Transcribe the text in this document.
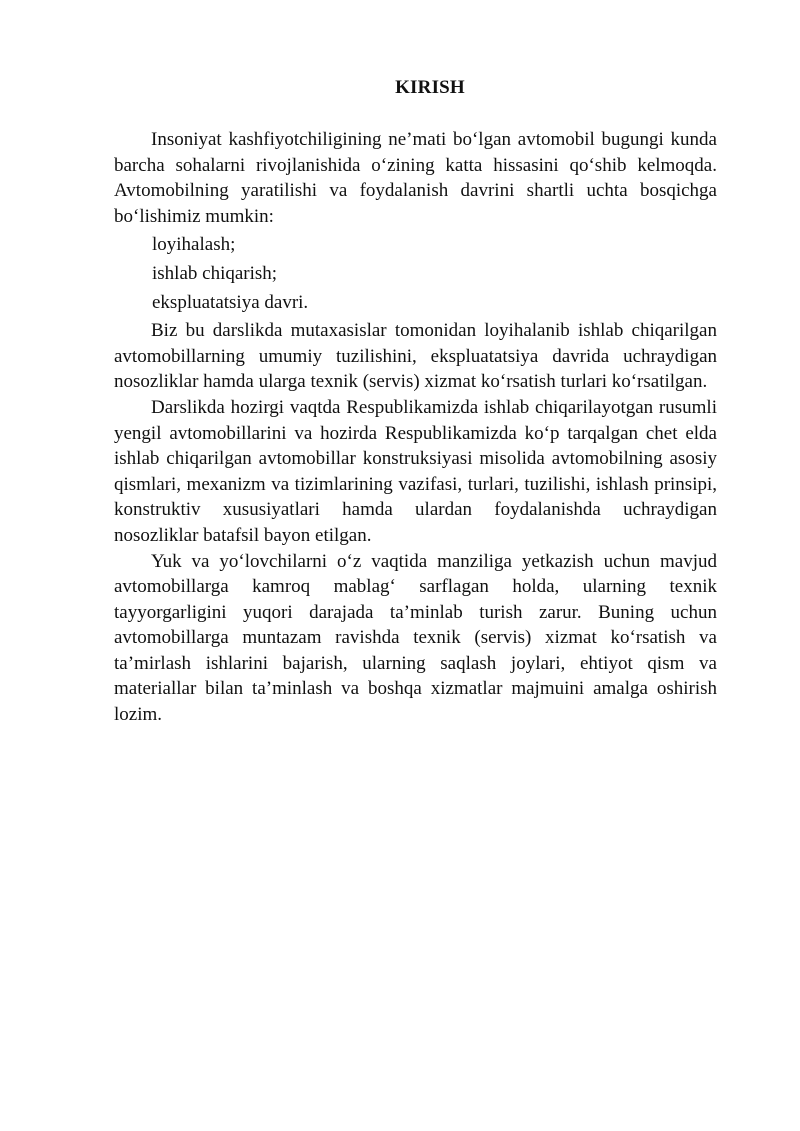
KIRISH

Insoniyat kashfiyotchiligining ne’mati bo‘lgan avtomobil bugungi kunda barcha sohalarni rivojlanishida o‘zining katta hissasini qo‘shib kelmoqda. Avtomobilning yaratilishi va foydalanish davrini shartli uchta bosqichga bo‘lishimiz mumkin:

loyihalash;
ishlab chiqarish;
ekspluatatsiya davri.

Biz bu darslikda mutaxasislar tomonidan loyihalanib ishlab chiqarilgan avtomobillarning umumiy tuzilishini, ekspluatatsiya davrida uchraydigan nosozliklar hamda ularga texnik (servis) xizmat ko‘rsatish turlari ko‘rsatilgan.

Darslikda hozirgi vaqtda Respublikamizda ishlab chiqarilayotgan rusumli yengil avtomobillarini va hozirda Respublikamizda ko‘p tarqalgan chet elda ishlab chiqarilgan avtomobillar konstruksiyasi misolida avtomobilning asosiy qismlari, mexanizm va tizimlarining vazifasi, turlari, tuzilishi, ishlash prinsipi, konstruktiv xususiyatlari hamda ulardan foydalanishda uchraydigan nosozliklar batafsil bayon etilgan.

Yuk va yo‘lovchilarni o‘z vaqtida manziliga yetkazish uchun mavjud avtomobillarga kamroq mablag‘ sarflagan holda, ularning texnik tayyorgarligini yuqori darajada ta’minlab turish zarur. Buning uchun avtomobillarga muntazam ravishda texnik (servis) xizmat ko‘rsatish va ta’mirlash ishlarini bajarish, ularning saqlash joylari, ehtiyot qism va materiallar bilan ta’minlash va boshqa xizmatlar majmuini amalga oshirish lozim.
